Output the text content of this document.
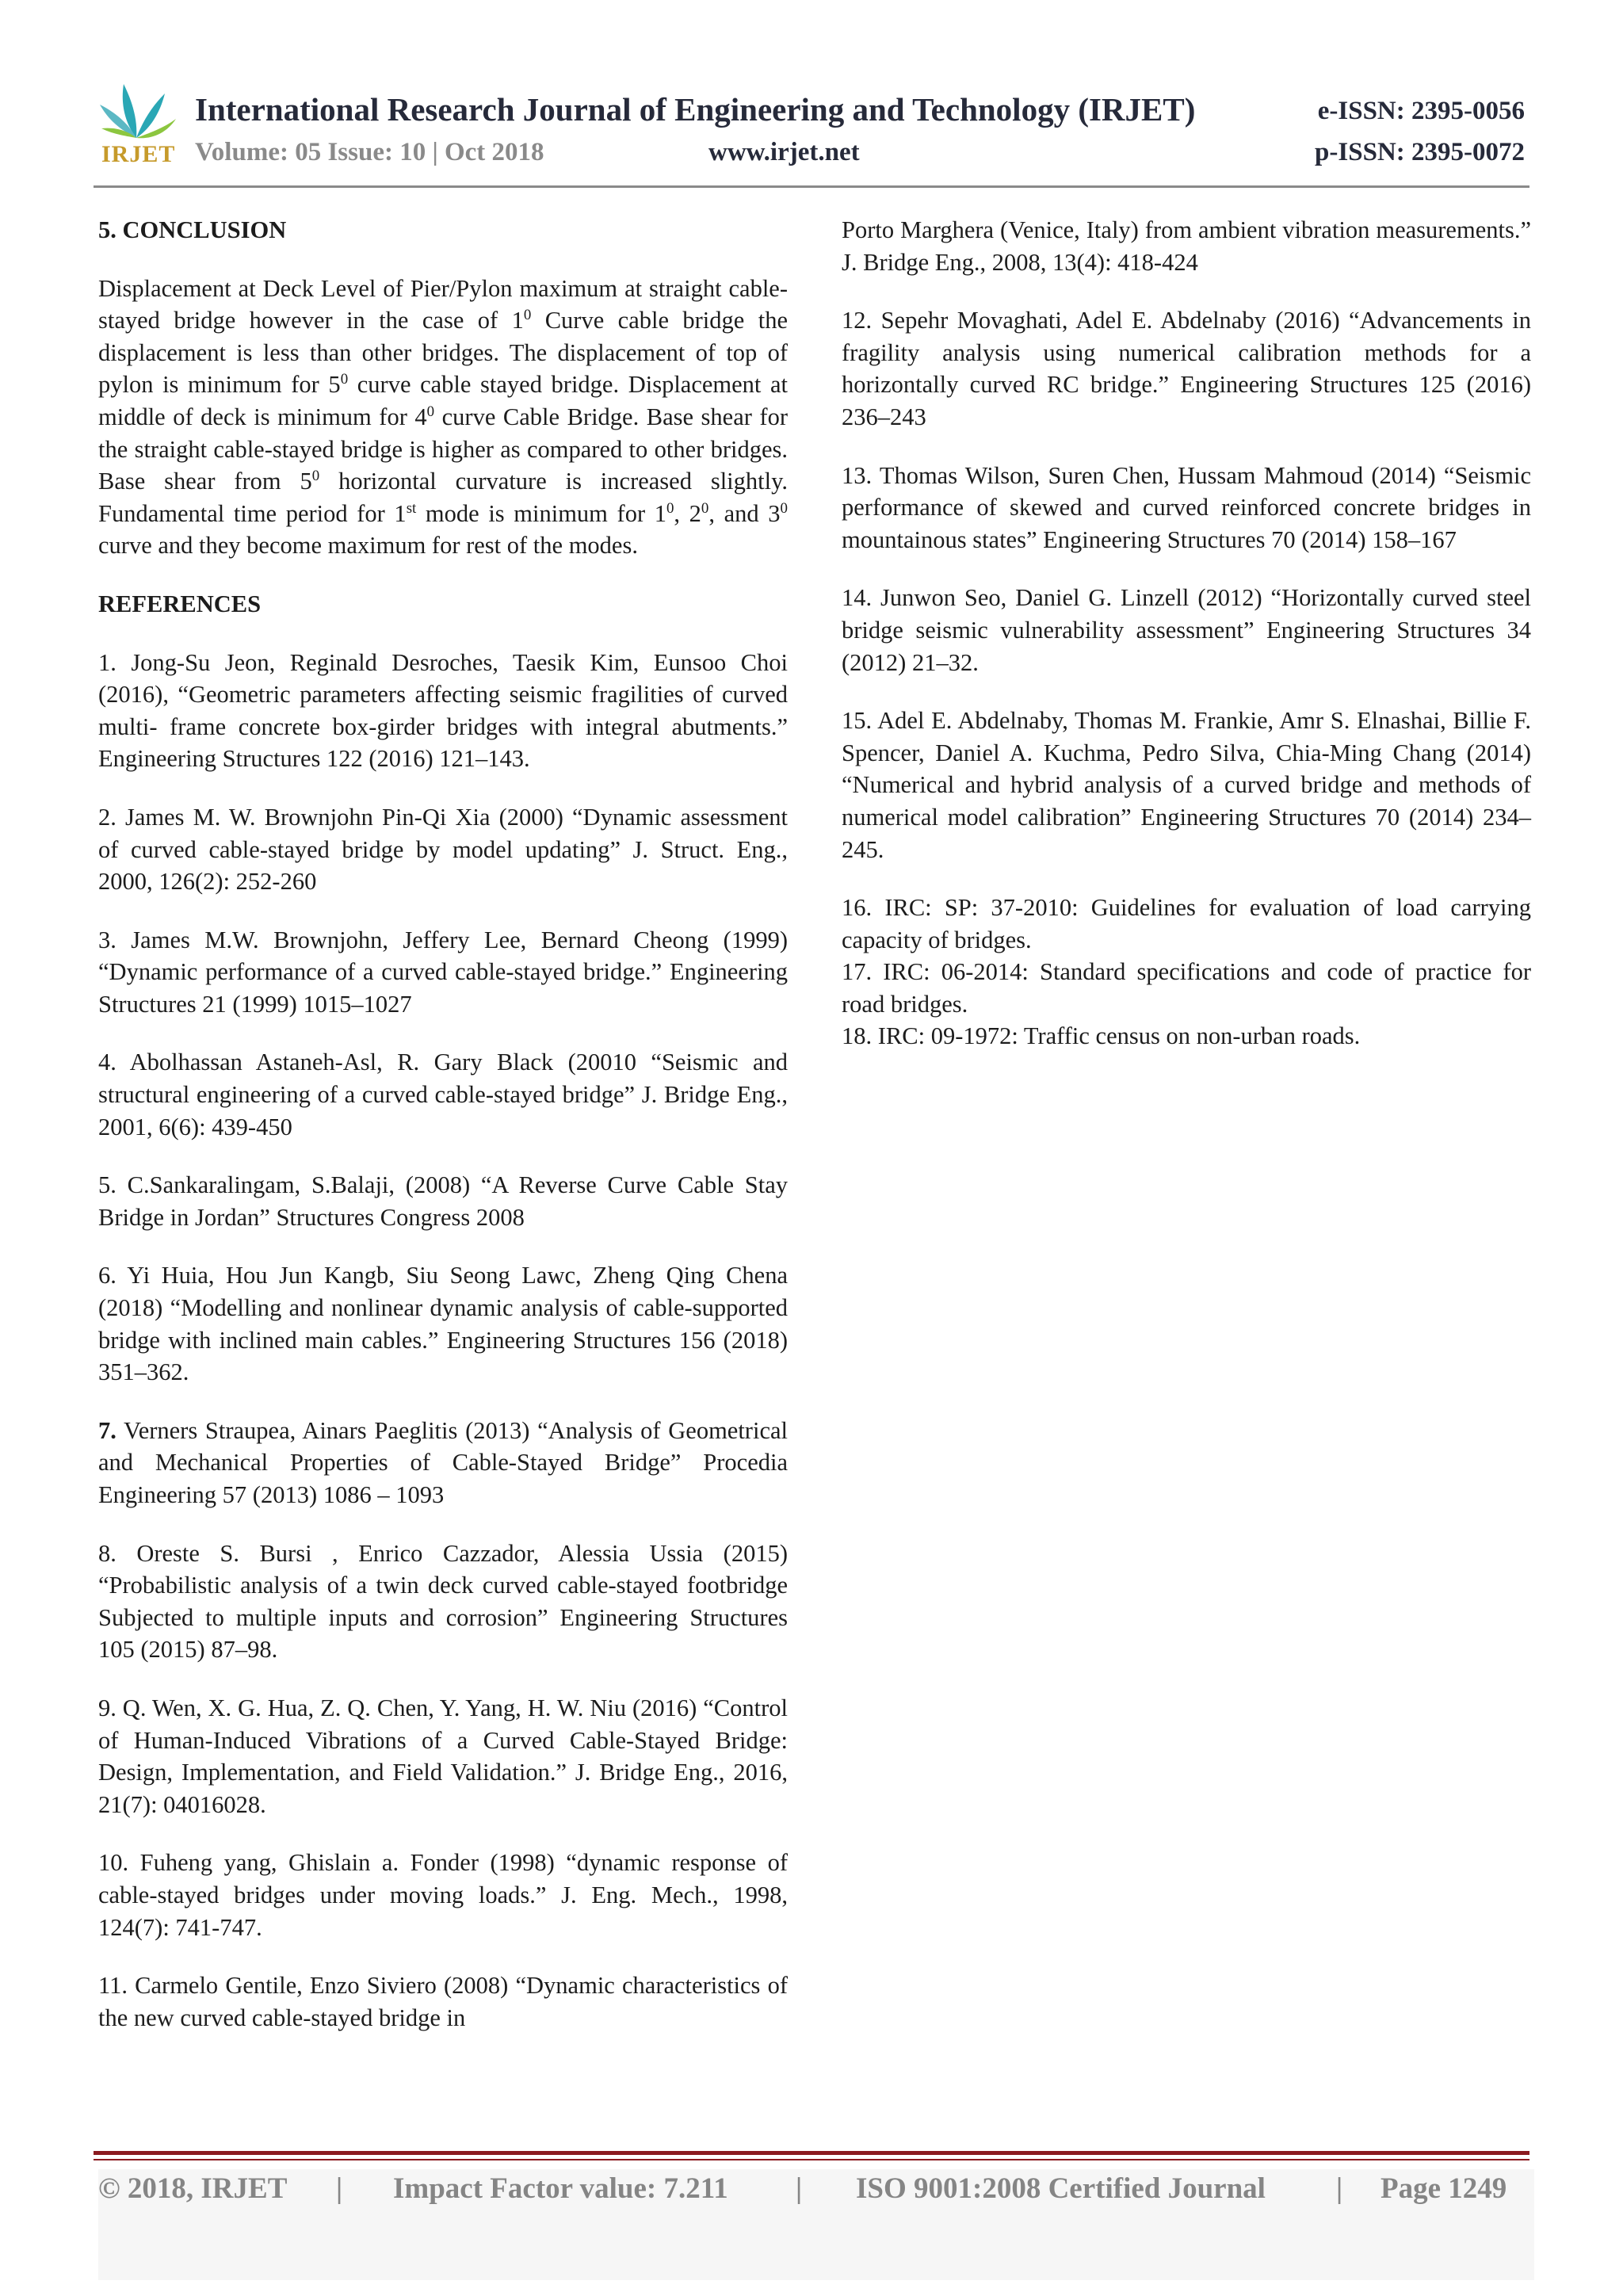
IRJET
International Research Journal of Engineering and Technology (IRJET)
Volume: 05 Issue: 10 | Oct 2018	www.irjet.net
e-ISSN: 2395-0056
p-ISSN: 2395-0072
5. CONCLUSION

Displacement at Deck Level of Pier/Pylon maximum at straight cable-stayed bridge however in the case of $1^0$ Curve cable bridge the displacement is less than other bridges. The displacement of top of pylon is minimum for $5^0$ curve cable stayed bridge. Displacement at middle of deck is minimum for $4^0$ curve Cable Bridge. Base shear for the straight cable-stayed bridge is higher as compared to other bridges. Base shear from $5^0$ horizontal curvature is increased slightly. Fundamental time period for 1st mode is minimum for $1^0$, $2^0$, and $3^0$ curve and they become maximum for rest of the modes.

REFERENCES

1. Jong-Su Jeon, Reginald Desroches, Taesik Kim, Eunsoo Choi (2016), “Geometric parameters affecting seismic fragilities of curved multi- frame concrete box-girder bridges with integral abutments.” Engineering Structures 122 (2016) 121–143.

2. James M. W. Brownjohn Pin-Qi Xia (2000) “Dynamic assessment of curved cable-stayed bridge by model updating” J. Struct. Eng., 2000, 126(2): 252-260

3. James M.W. Brownjohn, Jeffery Lee, Bernard Cheong (1999) “Dynamic performance of a curved cable-stayed bridge.” Engineering Structures 21 (1999) 1015–1027

4. Abolhassan Astaneh-Asl, R. Gary Black (20010 “Seismic and structural engineering of a curved cable-stayed bridge” J. Bridge Eng., 2001, 6(6): 439-450

5. C.Sankaralingam, S.Balaji, (2008) “A Reverse Curve Cable Stay Bridge in Jordan” Structures Congress 2008

6. Yi Huia, Hou Jun Kangb, Siu Seong Lawc, Zheng Qing Chena (2018) “Modelling and nonlinear dynamic analysis of cable-supported bridge with inclined main cables.” Engineering Structures 156 (2018) 351–362.

7. Verners Straupea, Ainars Paeglitis (2013) “Analysis of Geometrical and Mechanical Properties of Cable-Stayed Bridge” Procedia Engineering 57 (2013) 1086 – 1093

8. Oreste S. Bursi , Enrico Cazzador, Alessia Ussia (2015) “Probabilistic analysis of a twin deck curved cable-stayed footbridge Subjected to multiple inputs and corrosion” Engineering Structures 105 (2015) 87–98.

9. Q. Wen, X. G. Hua, Z. Q. Chen, Y. Yang, H. W. Niu (2016) “Control of Human-Induced Vibrations of a Curved Cable-Stayed Bridge: Design, Implementation, and Field Validation.” J. Bridge Eng., 2016, 21(7): 04016028.

10. Fuheng yang, Ghislain a. Fonder (1998) “dynamic response of cable-stayed bridges under moving loads.” J. Eng. Mech., 1998, 124(7): 741-747.

11. Carmelo Gentile, Enzo Siviero (2008) “Dynamic characteristics of the new curved cable-stayed bridge in

Porto Marghera (Venice, Italy) from ambient vibration measurements.” J. Bridge Eng., 2008, 13(4): 418-424

12. Sepehr Movaghati, Adel E. Abdelnaby (2016) “Advancements in fragility analysis using numerical calibration methods for a horizontally curved RC bridge.” Engineering Structures 125 (2016) 236–243

13. Thomas Wilson, Suren Chen, Hussam Mahmoud (2014) “Seismic performance of skewed and curved reinforced concrete bridges in mountainous states” Engineering Structures 70 (2014) 158–167

14. Junwon Seo, Daniel G. Linzell (2012) “Horizontally curved steel bridge seismic vulnerability assessment” Engineering Structures 34 (2012) 21–32.

15. Adel E. Abdelnaby, Thomas M. Frankie, Amr S. Elnashai, Billie F. Spencer, Daniel A. Kuchma, Pedro Silva, Chia-Ming Chang (2014) “Numerical and hybrid analysis of a curved bridge and methods of numerical model calibration” Engineering Structures 70 (2014) 234–245.

16. IRC: SP: 37-2010: Guidelines for evaluation of load carrying capacity of bridges.

17. IRC: 06-2014: Standard specifications and code of practice for road bridges.

18. IRC: 09-1972: Traffic census on non-urban roads.

© 2018, IRJET | Impact Factor value: 7.211 | ISO 9001:2008 Certified Journal | Page 1249
